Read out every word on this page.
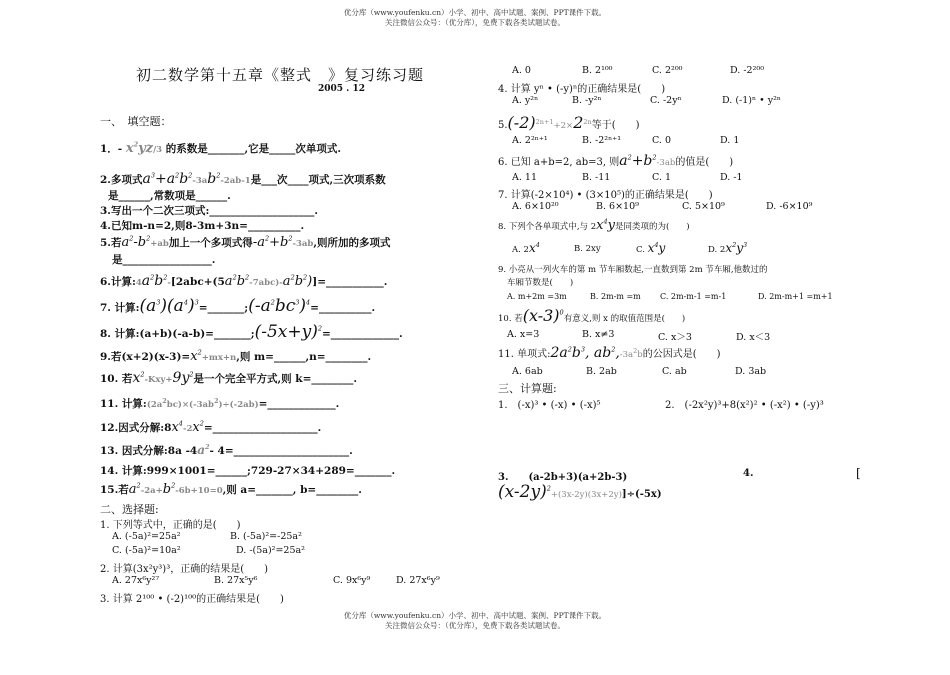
优分库（www.youfenku.cn）小学、初中、高中试题、案例、PPT课件下载。
关注微信公众号：（优分库），免费下载各类试题试卷。
初二数学第十五章《整式　》复习练习题
2005 . 12
一、　填空题：
1．- $x^2yz/3$ 的系数是_______,它是_____次单项式.
2.多项式$a^3+a^2b^2-3ab^2-2ab-1$是___次____项式,三次项系数
是______,常数项是______.
3.写出一个二次三项式:____________________.
4.已知m-n=2,则8-3m+3n=__________.
5.若$a^2-b^2+ab$加上一个多项式得$-a^2+b^2-3ab$,则所加的多项式
是_________________.
6.计算$:4a^2b^2-[2abc+(5a^2b^2-7abc)-a^2b^2)]=\_\_\_\_\_\_\_\_\_\_\_$.
7. 计算$:(a^3)(a^4)^3=\_\_\_\_\_\_\_;(-a^2bc^3)^4=\_\_\_\_\_\_\_\_\_\_$.
8. 计算$:(a+b)(-a-b)=\_\_\_\_\_\_\_;(-5x+y)^2=\_\_\_\_\_\_\_\_\_\_\_\_\_$.
9.若$(x+2)(x-3)=x^2+mx+n$,则 m=______,n=________.
10. 若$x^2-Kxy+9y^2$是一个完全平方式,则 k=________.
11. 计算$:(2a^2bc)\times(-3ab^2)\div(-2ab)=\_\_\_\_\_\_\_\_\_\_\_\_\_$.
12.因式分解$:8x^4-2x^2=\_\_\_\_\_\_\_\_\_\_\_\_\_\_\_\_\_\_\_\_$.
13. 因式分解:8a $-4a^2-$ 4=______________________.
14. 计算:999×1001=______;729-27×34+289=_______.
15.若$a^2-2a+b^2-6b+10=0$,则 a=_______, b=________.
二、选择题:
1. 下列等式中，正确的是(　　)
A. (-5a)²=25a²	B. (-5a)²=-25a²
C. (-5a)²=10a²	D. -(5a)²=25a²
2. 计算(3x²y³)³，正确的结果是(　　)
A. 27x⁶y²⁷	B. 27x⁵y⁶	C. 9x⁶y⁹	D. 27x⁶y⁹
3. 计算 2¹⁰⁰ • (-2)¹⁰⁰的正确结果是(　　)
A. 0	B. 2¹⁰⁰	C. 2²⁰⁰	D. -2²⁰⁰
4. 计算 yⁿ • (-y)ⁿ的正确结果是(　　)
A. y²ⁿ	B. -y²ⁿ	C. -2yⁿ	D. (-1)ⁿ • y²ⁿ
$5.(-2)^{2n+1}+2\times 2^{2n}$等于(　　)
A. 2²ⁿ⁺¹	B. -2²ⁿ⁺¹	C. 0	D. 1
6. 已知 a+b=2, ab=3, 则$a^2+b^2-3ab$的值是(　　)
A. 11	B. -11	C. 1	D. -1
7. 计算(-2×10⁴) • (3×10⁵)的正确结果是(　　)
A. 6×10²⁰	B. 6×10⁹	C. 5×10⁹	D. -6×10⁹
8. 下列个各单项式中,与 $2x^4y$是同类项的为(　　)
A. $2x^4$	B. 2xy	C. $x^4y$	D. $2x^2y^3$
9. 小亮从一列火车的第 m 节车厢数起,一直数到第 2m 节车厢,他数过的
车厢节数是(　　)
A. m+2m =3m	B. 2m-m =m C. 2m-m-1 =m-1	D. 2m-m+1 =m+1
10. 若$(x-3)^0$有意义,则 x 的取值范围是(　　)
A. x=3	B. x≠3	C. x＞3	D. x＜3
11. 单项式$:2a^2b^3$, $ab^2,-3a^2b$的公因式是(　　)
A. 6ab	B. 2ab	C. ab	D. 3ab
三、计算题:
1.　(-x)³ • (-x) • (-x)⁵	2.　(-2x²y)³+8(x²)² • (-x²) • (-y)³
3.　　(a-2b+3)(a+2b-3)	4.	[
$(x-2y)^2+(3x-2y)(3x+2y)]\div(-5x)$
优分库（www.youfenku.cn）小学、初中、高中试题、案例、PPT课件下载。
关注微信公众号：（优分库），免费下载各类试题试卷。
